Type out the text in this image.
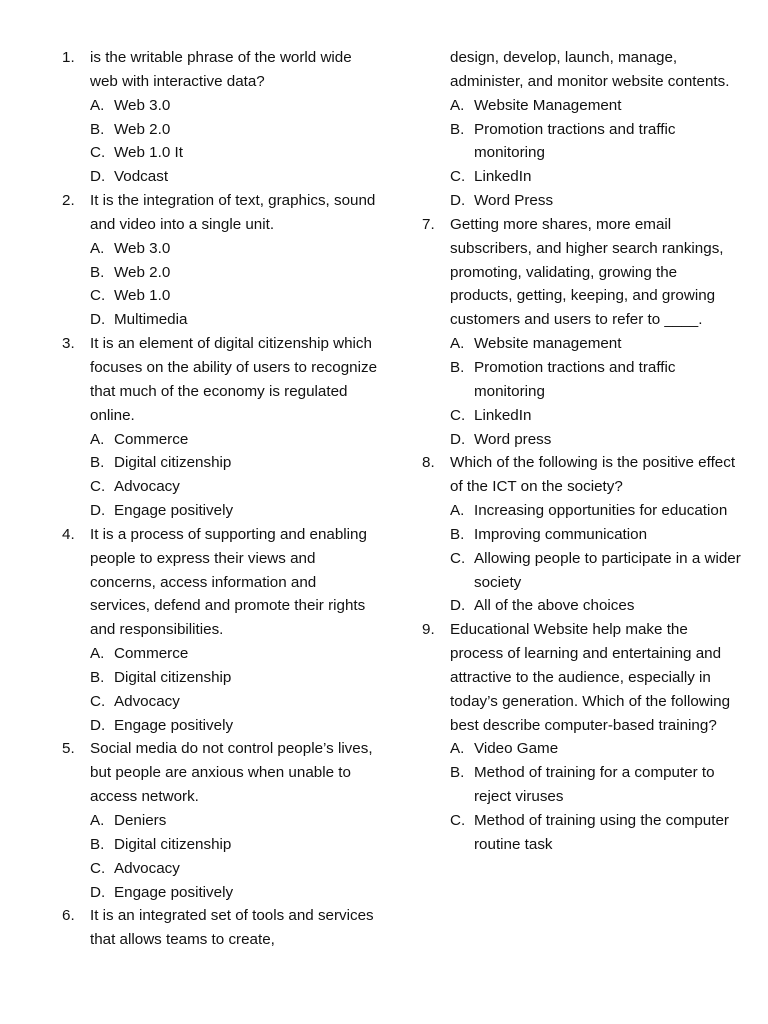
1.	is the writable phrase of the world wide web with interactive data?
A. Web 3.0
B. Web 2.0
C. Web 1.0 It
D. Vodcast
2.	It is the integration of text, graphics, sound and video into a single unit.
A. Web 3.0
B. Web 2.0
C. Web 1.0
D. Multimedia
3.	It is an element of digital citizenship which focuses on the ability of users to recognize that much of the economy is regulated online.
A. Commerce
B. Digital citizenship
C. Advocacy
D. Engage positively
4.	It is a process of supporting and enabling people to express their views and concerns, access information and services, defend and promote their rights and responsibilities.
A. Commerce
B. Digital citizenship
C. Advocacy
D. Engage positively
5.	Social media do not control people’s lives, but people are anxious when unable to access network.
A. Deniers
B. Digital citizenship
C. Advocacy
D. Engage positively
6.	It is an integrated set of tools and services that allows teams to create,
design, develop, launch, manage, administer, and monitor website contents.
A. Website Management
B. Promotion tractions and traffic monitoring
C. LinkedIn
D. Word Press
7.	Getting more shares, more email subscribers, and higher search rankings, promoting, validating, growing the products, getting, keeping, and growing customers and users to refer to ____.
A. Website management
B. Promotion tractions and traffic monitoring
C. LinkedIn
D. Word press
8.	Which of the following is the positive effect of the ICT on the society?
A. Increasing opportunities for education
B. Improving communication
C. Allowing people to participate in a wider society
D. All of the above choices
9.	Educational Website help make the process of learning and entertaining and attractive to the audience, especially in today’s generation. Which of the following best describe computer-based training?
A. Video Game
B. Method of training for a computer to reject viruses
C. Method of training using the computer routine task
